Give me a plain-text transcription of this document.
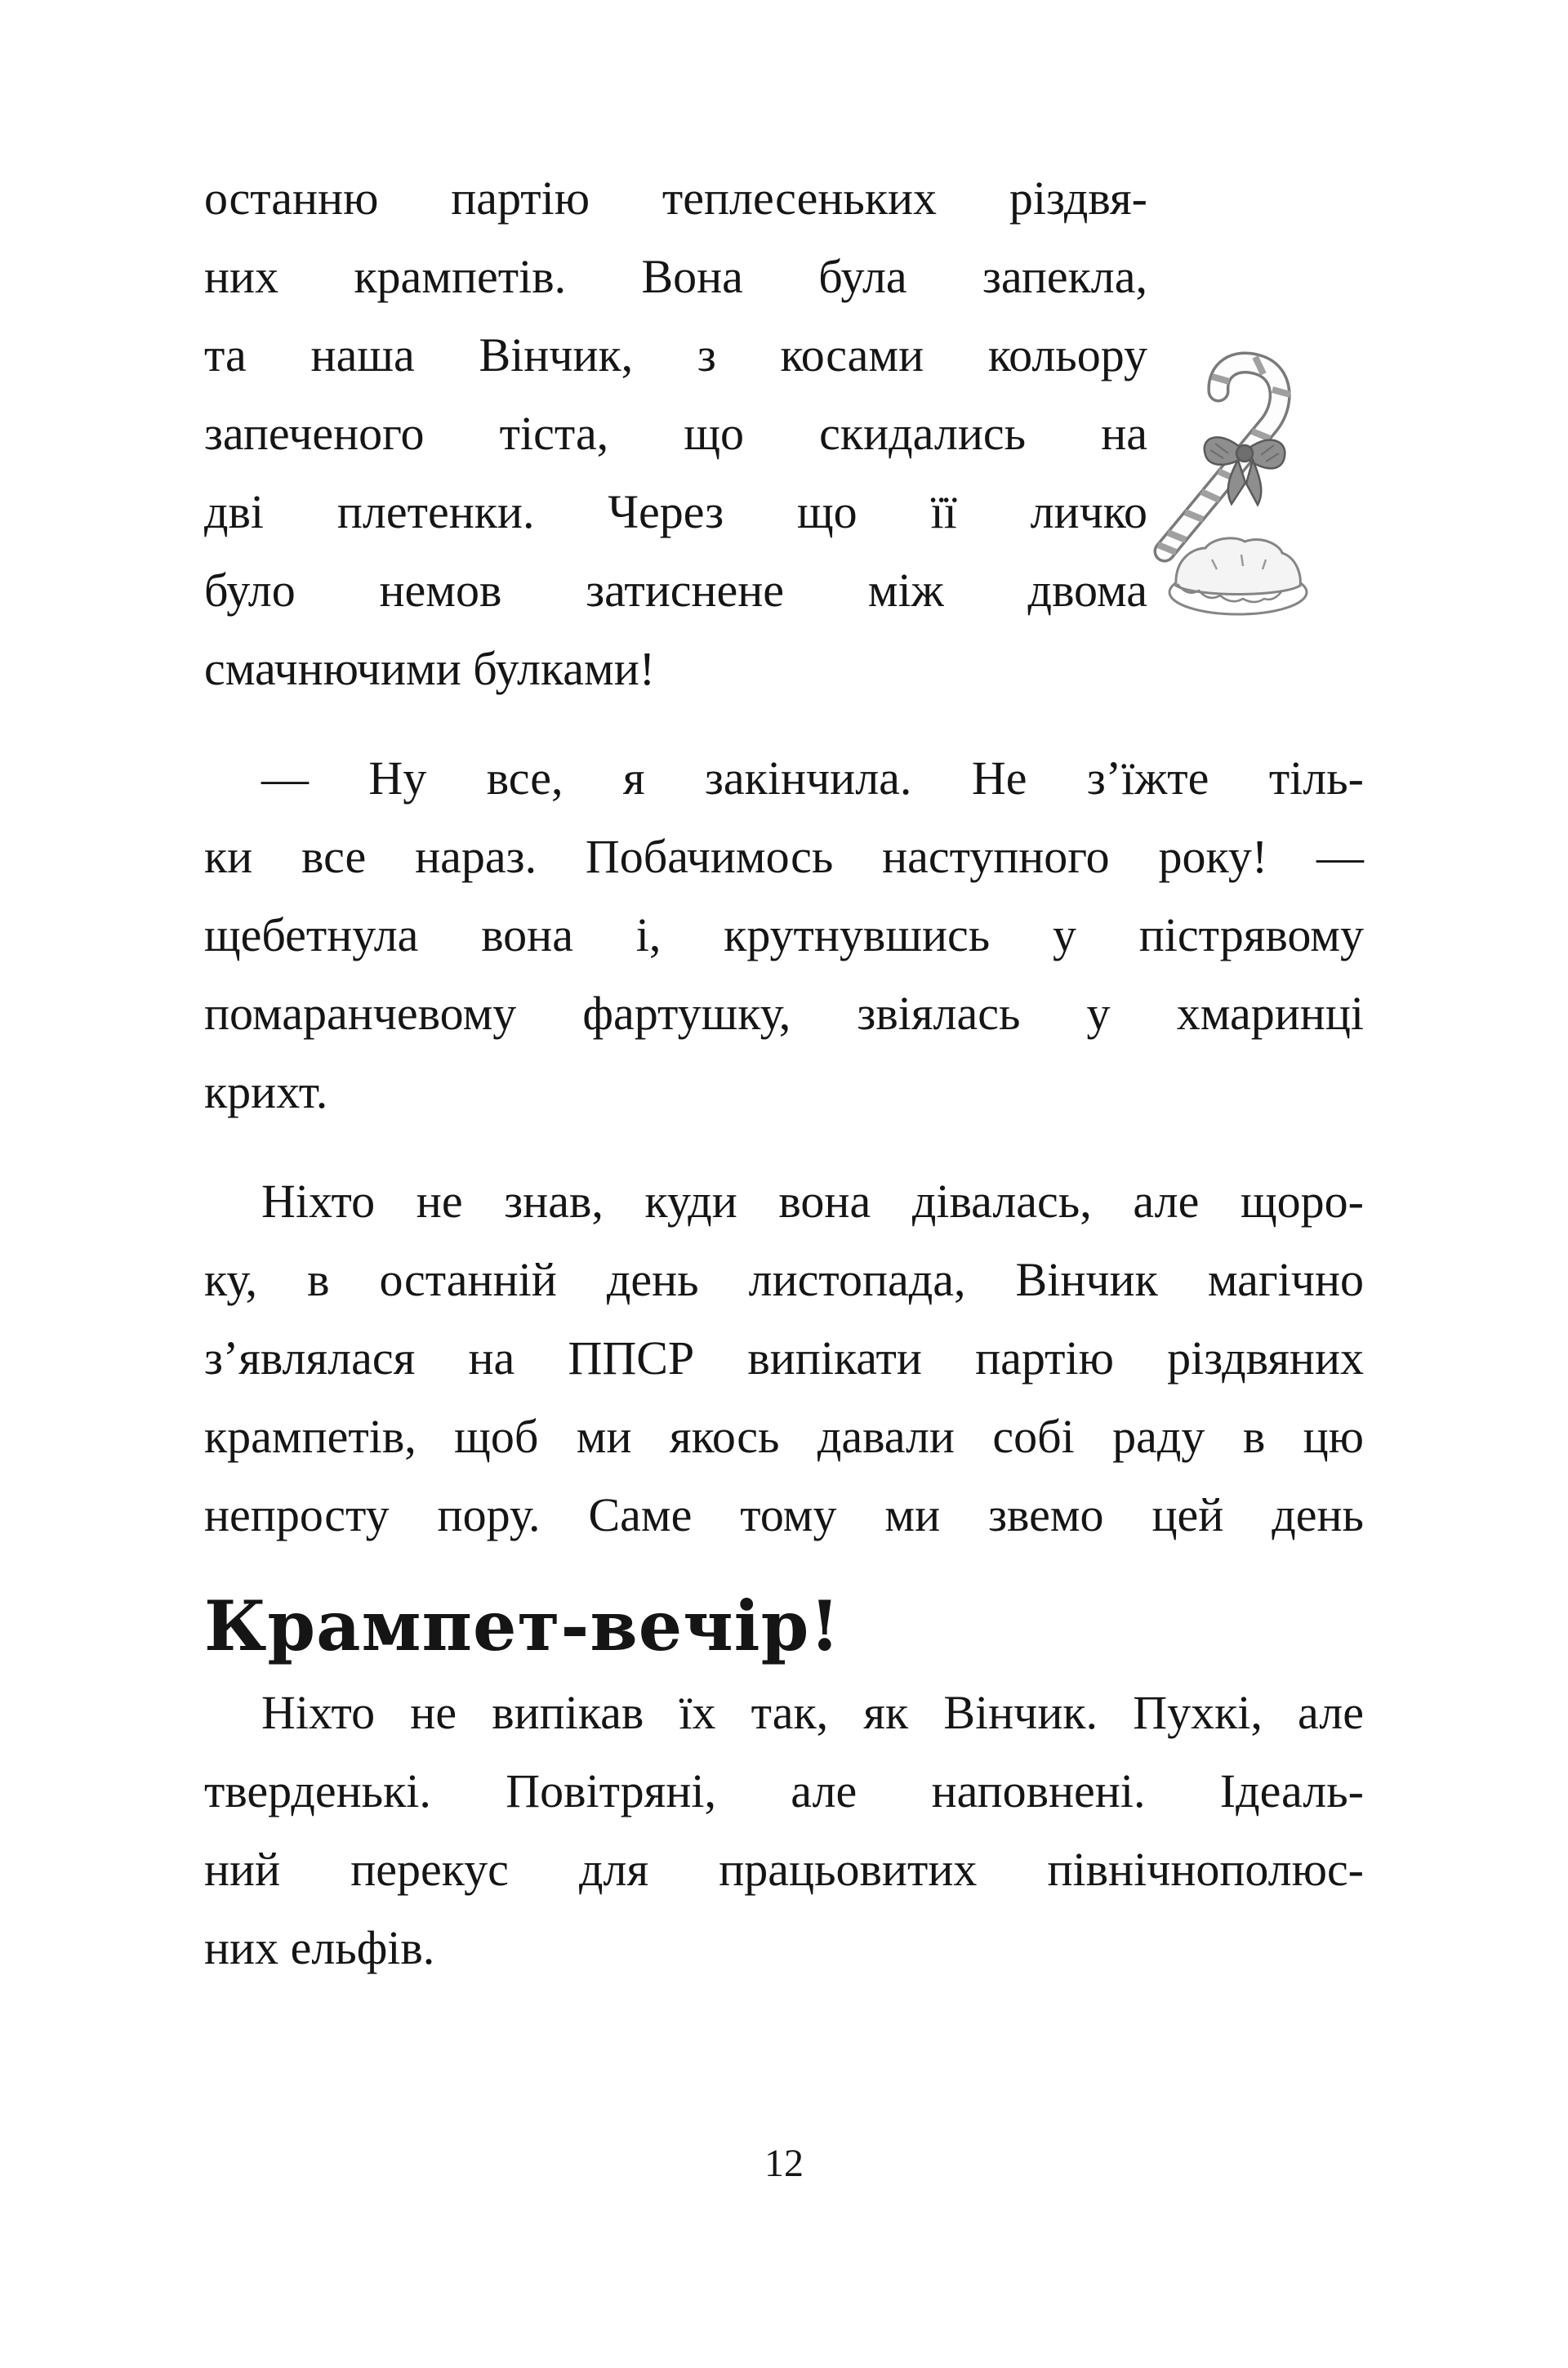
останню партію теплесеньких різдвя-
них крампетів. Вона була запекла,
та наша Вінчик, з косами кольору
запеченого тіста, що скидались на
дві плетенки. Через що її личко
було немов затиснене між двома
смачнючими булками!
— Ну все, я закінчила. Не з’їжте тіль-
ки все нараз. Побачимось наступного року! —
щебетнула вона і, крутнувшись у пістрявому
помаранчевому фартушку, звіялась у хмаринці
крихт.
Ніхто не знав, куди вона дівалась, але щоро-
ку, в останній день листопада, Вінчик магічно
з’являлася на ППСР випікати партію різдвяних
крампетів, щоб ми якось давали собі раду в цю
непросту пору. Саме тому ми звемо цей день
Крампет-вечір!
Ніхто не випікав їх так, як Вінчик. Пухкі, але
тверденькі. Повітряні, але наповнені. Ідеаль-
ний перекус для працьовитих північнополюс-
них ельфів.
12
